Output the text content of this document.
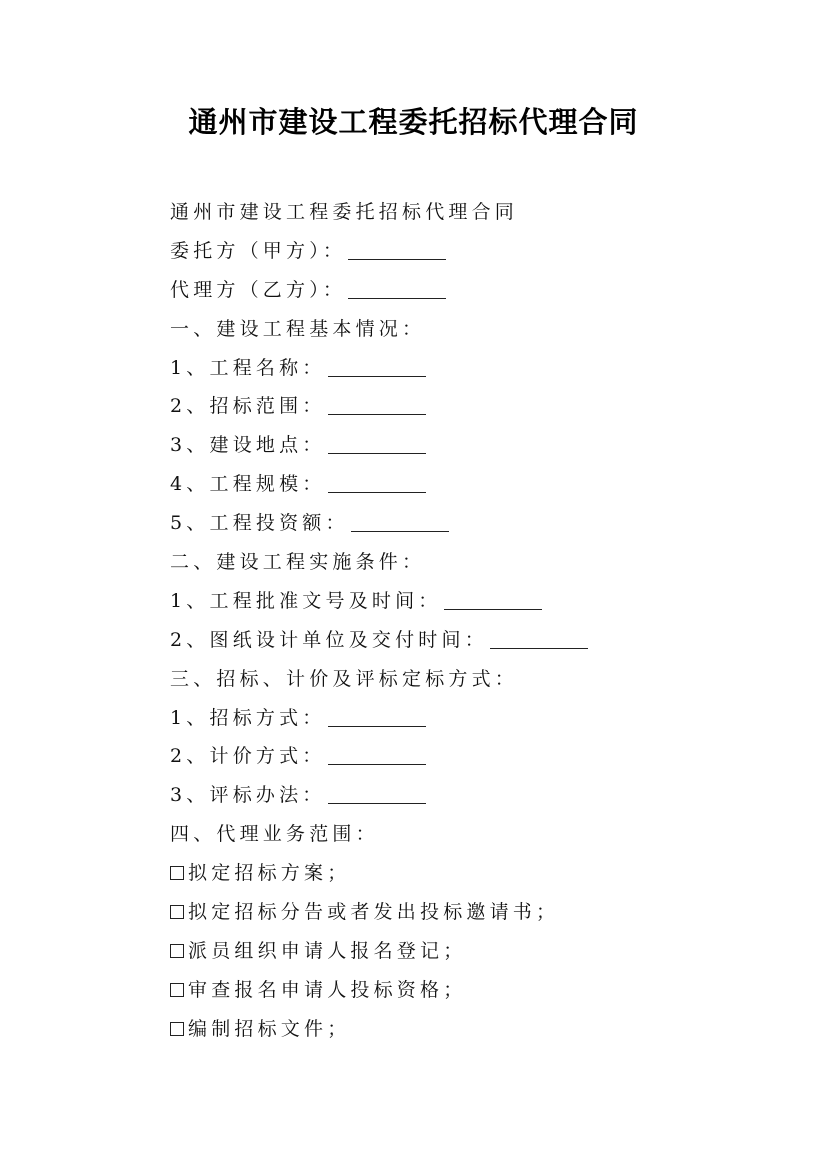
通州市建设工程委托招标代理合同
通州市建设工程委托招标代理合同
委托方（甲方）：
代理方（乙方）：
一、建设工程基本情况：
1、工程名称：
2、招标范围：
3、建设地点：
4、工程规模：
5、工程投资额：
二、建设工程实施条件：
1、工程批准文号及时间：
2、图纸设计单位及交付时间：
三、招标、计价及评标定标方式：
1、招标方式：
2、计价方式：
3、评标办法：
四、代理业务范围：
拟定招标方案；
拟定招标分告或者发出投标邀请书；
派员组织申请人报名登记；
审查报名申请人投标资格；
编制招标文件；
